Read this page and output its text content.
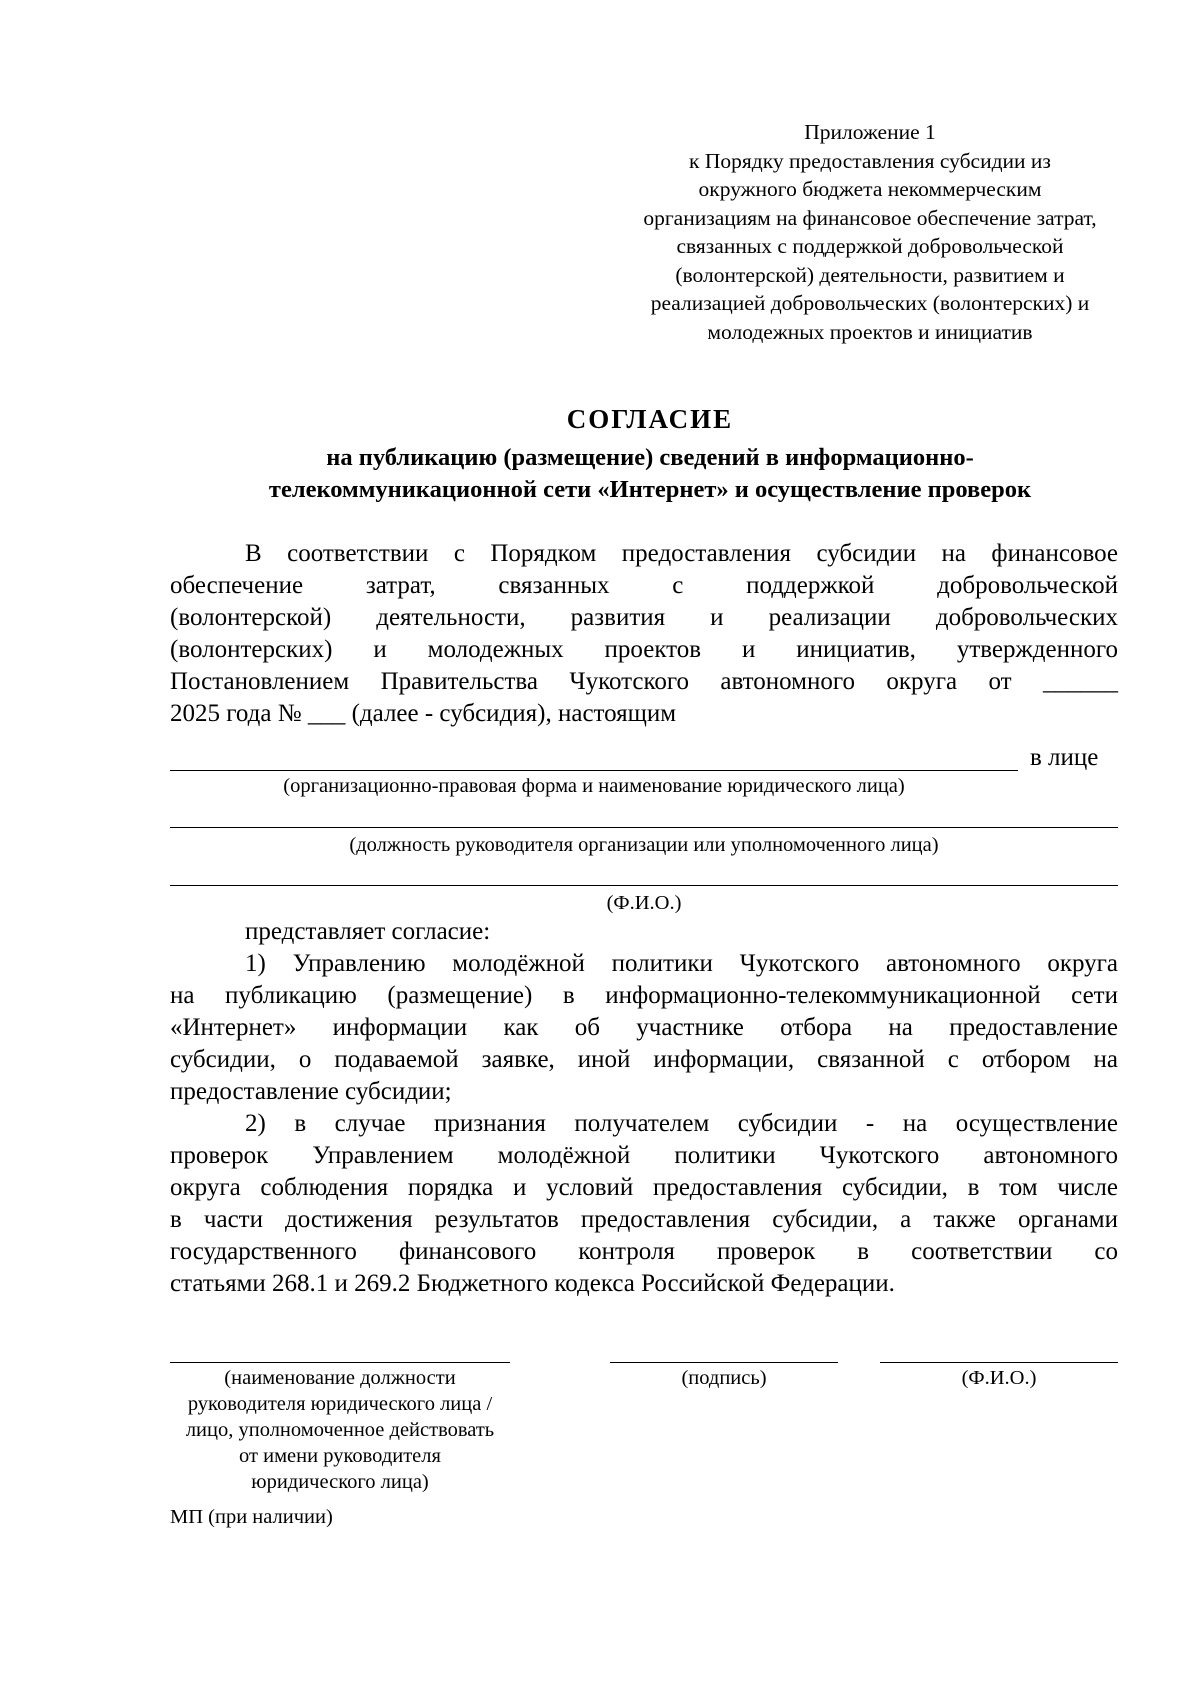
Приложение 1
к Порядку предоставления субсидии из
окружного бюджета некоммерческим
организациям на финансовое обеспечение затрат,
связанных с поддержкой добровольческой
(волонтерской) деятельности, развитием и
реализацией добровольческих (волонтерских) и
молодежных проектов и инициатив
СОГЛАСИЕ
на публикацию (размещение) сведений в информационно-
телекоммуникационной сети «Интернет» и осуществление проверок
В соответствии с Порядком предоставления субсидии на финансовое
обеспечение затрат, связанных с поддержкой добровольческой
(волонтерской) деятельности, развития и реализации добровольческих
(волонтерских) и молодежных проектов и инициатив, утвержденного
Постановлением Правительства Чукотского автономного округа от ______
2025 года № ___ (далее - субсидия), настоящим
в лице
(организационно-правовая форма и наименование юридического лица)
(должность руководителя организации или уполномоченного лица)
(Ф.И.О.)
представляет согласие:
1) Управлению молодёжной политики Чукотского автономного округа
на публикацию (размещение) в информационно-телекоммуникационной сети
«Интернет» информации как об участнике отбора на предоставление
субсидии, о подаваемой заявке, иной информации, связанной с отбором на
предоставление субсидии;
2) в случае признания получателем субсидии - на осуществление
проверок Управлением молодёжной политики Чукотского автономного
округа соблюдения порядка и условий предоставления субсидии, в том числе
в части достижения результатов предоставления субсидии, а также органами
государственного финансового контроля проверок в соответствии со
статьями 268.1 и 269.2 Бюджетного кодекса Российской Федерации.
(наименование должности
руководителя юридического лица /
лицо, уполномоченное действовать
от имени руководителя
юридического лица)
(подпись)	(Ф.И.О.)
МП (при наличии)
